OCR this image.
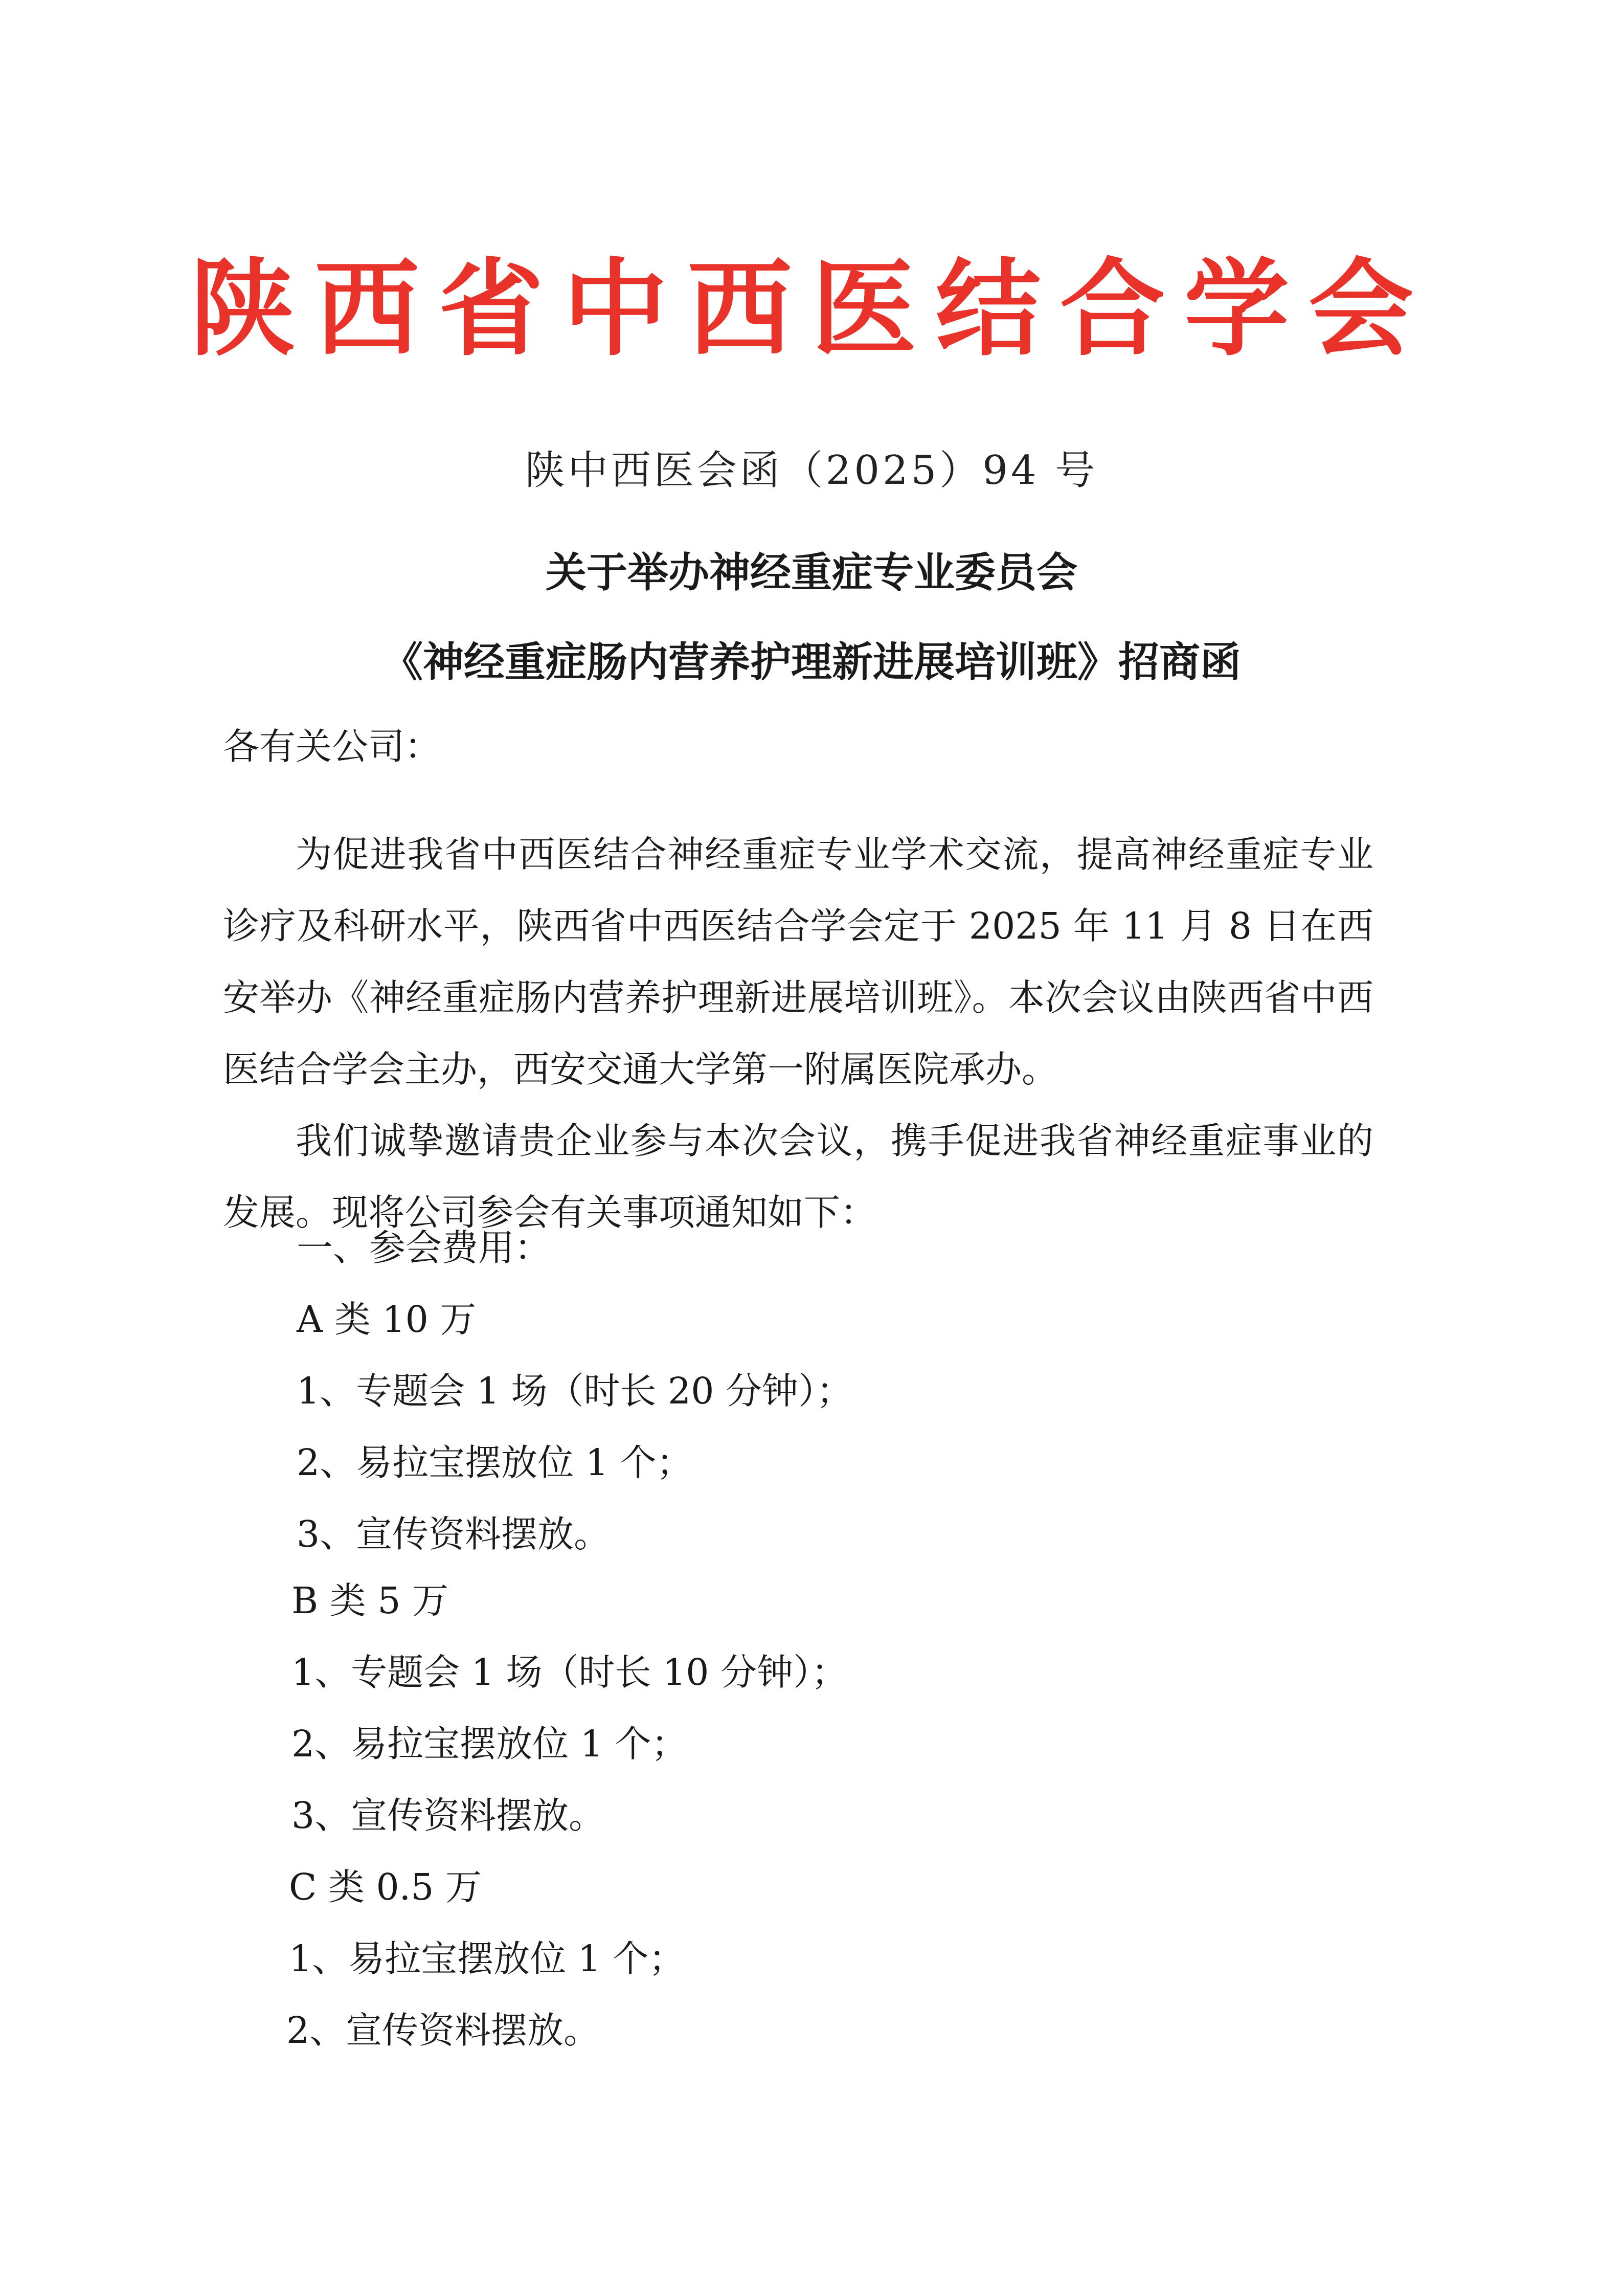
陕西省中西医结合学会
陕中西医会函（2025）94 号
关于举办神经重症专业委员会
《神经重症肠内营养护理新进展培训班》招商函
各有关公司：

为促进我省中西医结合神经重症专业学术交流，提高神经重症专业诊疗及科研水平，陕西省中西医结合学会定于 2025 年 11 月 8 日在西安举办《神经重症肠内营养护理新进展培训班》。本次会议由陕西省中西医结合学会主办，西安交通大学第一附属医院承办。

我们诚挚邀请贵企业参与本次会议，携手促进我省神经重症事业的发展。现将公司参会有关事项通知如下：

一、参会费用：
A 类 10 万
1、专题会 1 场（时长 20 分钟）；
2、易拉宝摆放位 1 个；
3、宣传资料摆放。
B 类 5 万
1、专题会 1 场（时长 10 分钟）；
2、易拉宝摆放位 1 个；
3、宣传资料摆放。
C 类 0.5 万
1、易拉宝摆放位 1 个；
2、宣传资料摆放。
